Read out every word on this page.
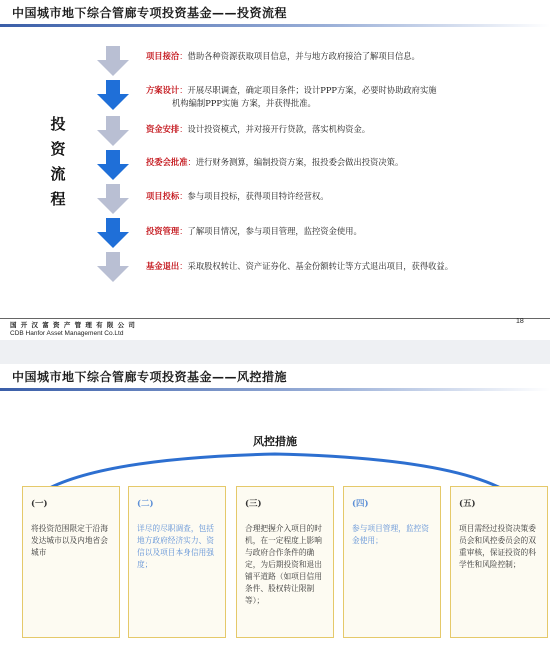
中国城市地下综合管廊专项投资基金——投资流程
投
资
流
程
项目接洽：借助各种资源获取项目信息，并与地方政府接洽了解项目信息。
方案设计：开展尽职调查，确定项目条件；设计PPP方案，必要时协助政府实施
机构编制PPP实施 方案，并获得批准。
资金安排：设计投资模式，并对接开行贷款，落实机构资金。
投委会批准：进行财务测算，编制投资方案，报投委会做出投资决策。
项目投标：参与项目投标，获得项目特许经营权。
投资管理：了解项目情况，参与项目管理，监控资金使用。
基金退出：采取股权转让、资产证券化、基金份额转让等方式退出项目，获得收益。
国 开 汉 富 资 产 管 理 有 限 公 司
CDB Hanfor Asset Management Co.Ltd
18
中国城市地下综合管廊专项投资基金——风控措施
风控措施
(一)
将投资范围限定于沿海发达城市以及内地省会城市
(二)
详尽的尽职调查，包括地方政府经济实力、资信以及项目本身信用强度；
(三)
合理把握介入项目的时机，在一定程度上影响与政府合作条件的确定，为后期投资和退出铺平道路（如项目信用条件、股权转让限制等）；
(四)
参与项目管理，监控资金使用；
(五)
项目需经过投资决策委员会和风控委员会的双重审核，保证投资的科学性和风险控制；
